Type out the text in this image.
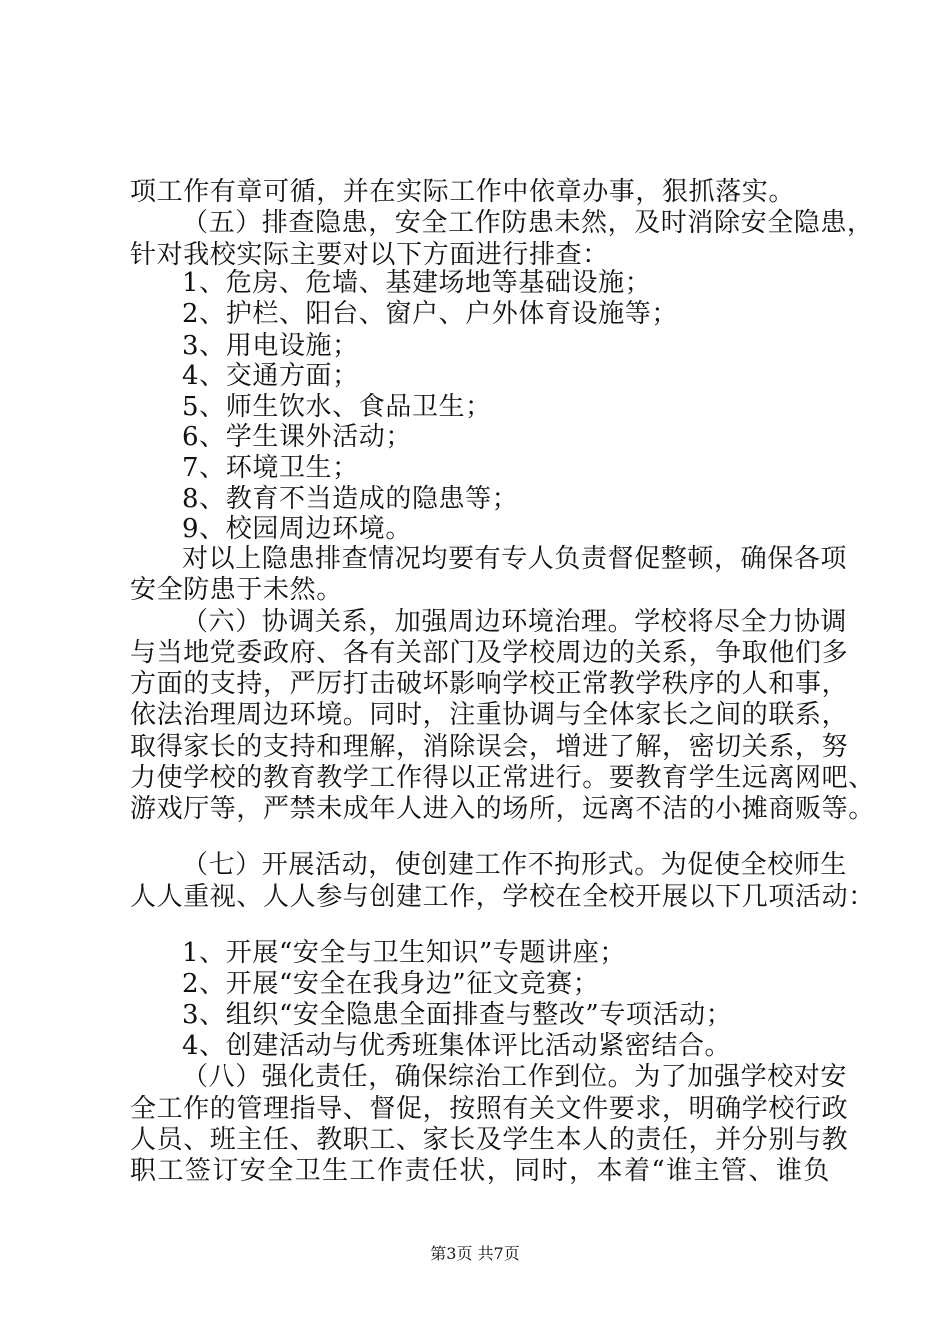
项工作有章可循，并在实际工作中依章办事，狠抓落实。
（五）排查隐患，安全工作防患未然，及时消除安全隐患，
针对我校实际主要对以下方面进行排查：
1、危房、危墙、基建场地等基础设施；
2、护栏、阳台、窗户、户外体育设施等；
3、用电设施；
4、交通方面；
5、师生饮水、食品卫生；
6、学生课外活动；
7、环境卫生；
8、教育不当造成的隐患等；
9、校园周边环境。
对以上隐患排查情况均要有专人负责督促整顿，确保各项
安全防患于未然。
（六）协调关系，加强周边环境治理。学校将尽全力协调
与当地党委政府、各有关部门及学校周边的关系，争取他们多
方面的支持，严厉打击破坏影响学校正常教学秩序的人和事，
依法治理周边环境。同时，注重协调与全体家长之间的联系，
取得家长的支持和理解，消除误会，增进了解，密切关系，努
力使学校的教育教学工作得以正常进行。要教育学生远离网吧、
游戏厅等，严禁未成年人进入的场所，远离不洁的小摊商贩等。
（七）开展活动，使创建工作不拘形式。为促使全校师生
人人重视、人人参与创建工作，学校在全校开展以下几项活动：
1、开展“安全与卫生知识”专题讲座；
2、开展“安全在我身边”征文竞赛；
3、组织“安全隐患全面排查与整改”专项活动；
4、创建活动与优秀班集体评比活动紧密结合。
（八）强化责任，确保综治工作到位。为了加强学校对安
全工作的管理指导、督促，按照有关文件要求，明确学校行政
人员、班主任、教职工、家长及学生本人的责任，并分别与教
职工签订安全卫生工作责任状，同时，本着“谁主管、谁负
第3页 共7页
